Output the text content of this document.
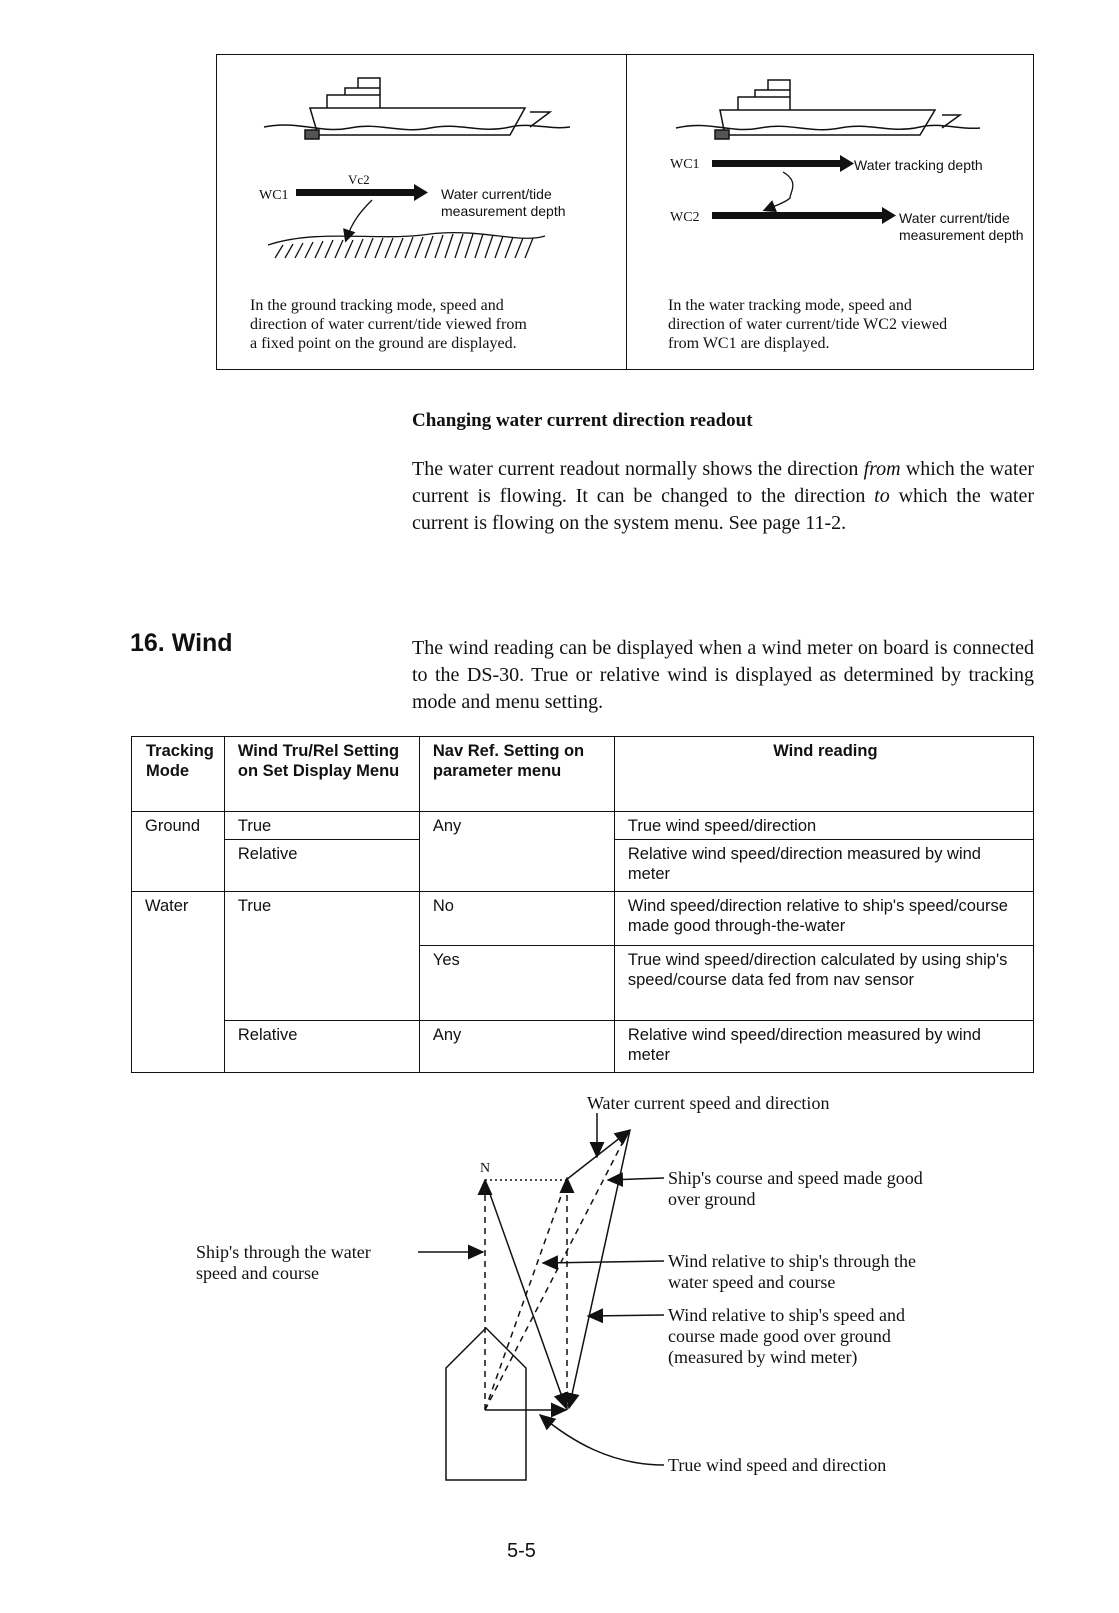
WC1
Vc2
Water current/tide
measurement depth
WC1	Water tracking depth
WC2	Water current/tide
measurement depth
In the ground tracking mode, speed and
direction of water current/tide viewed from
a fixed point on the ground are displayed.
In the water tracking mode, speed and
direction of water current/tide WC2 viewed
from WC1 are displayed.
Changing water current direction readout
The water current readout normally shows the direction from which the water current is flowing. It can be changed to the direction to which the water current is flowing on the system menu. See page 11-2.
16. Wind	The wind reading can be displayed when a wind meter on board is connected to the DS-30. True or relative wind is displayed as determined by tracking mode and menu setting.
Tracking Mode	Wind Tru/Rel Setting on Set Display Menu	Nav Ref. Setting on parameter menu	Wind reading
Ground	True	Any	True wind speed/direction
	Relative		Relative wind speed/direction measured by wind meter
Water	True	No	Wind speed/direction relative to ship's speed/course made good through-the-water
		Yes	True wind speed/direction calculated by using ship's speed/course data fed from nav sensor
	Relative	Any	Relative wind speed/direction measured by wind meter
N
Water current speed and direction
Ship's course and speed made good
over ground
Ship's through the water
speed and course
Wind relative to ship's through the
water speed and course
Wind relative to ship's speed and
course made good over ground
(measured by wind meter)
True wind speed and direction
5-5
